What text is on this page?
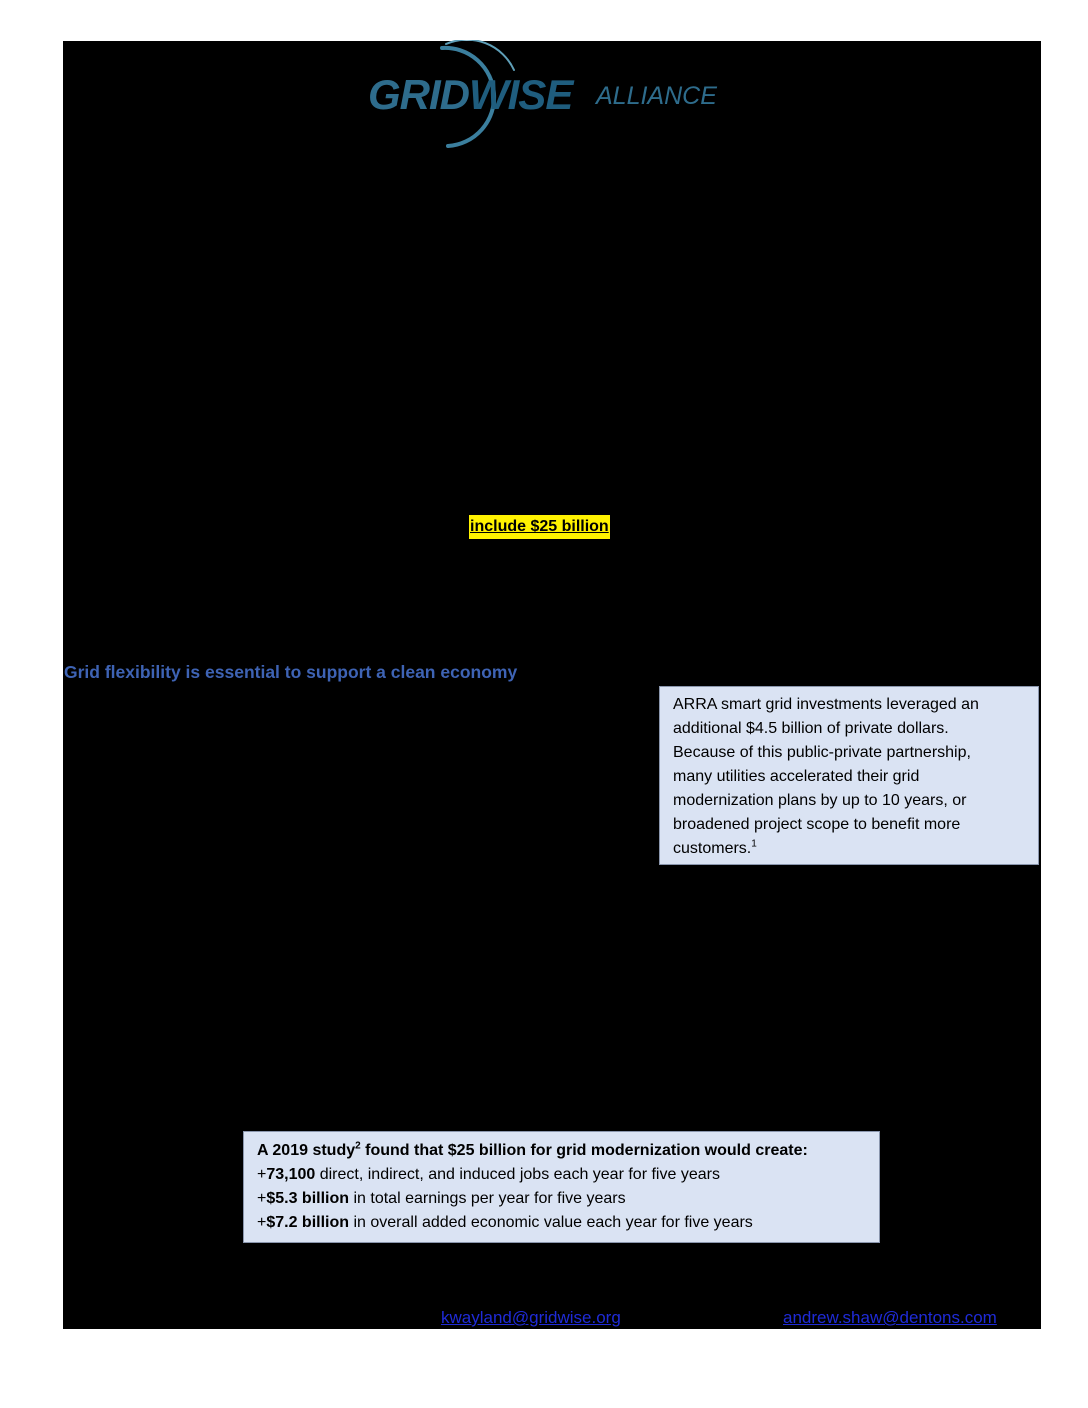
GRIDWISE ALLIANCE
include $25 billion
Grid flexibility is essential to support a clean economy
ARRA smart grid investments leveraged an
additional $4.5 billion of private dollars.
Because of this public-private partnership,
many utilities accelerated their grid
modernization plans by up to 10 years, or
broadened project scope to benefit more
customers.$^1$
A 2019 study$^2$ found that $25 billion for grid modernization would create:
+73,100 direct, indirect, and induced jobs each year for five years
+$5.3 billion in total earnings per year for five years
+$7.2 billion in overall added economic value each year for five years
kwayland@gridwise.org	andrew.shaw@dentons.com
